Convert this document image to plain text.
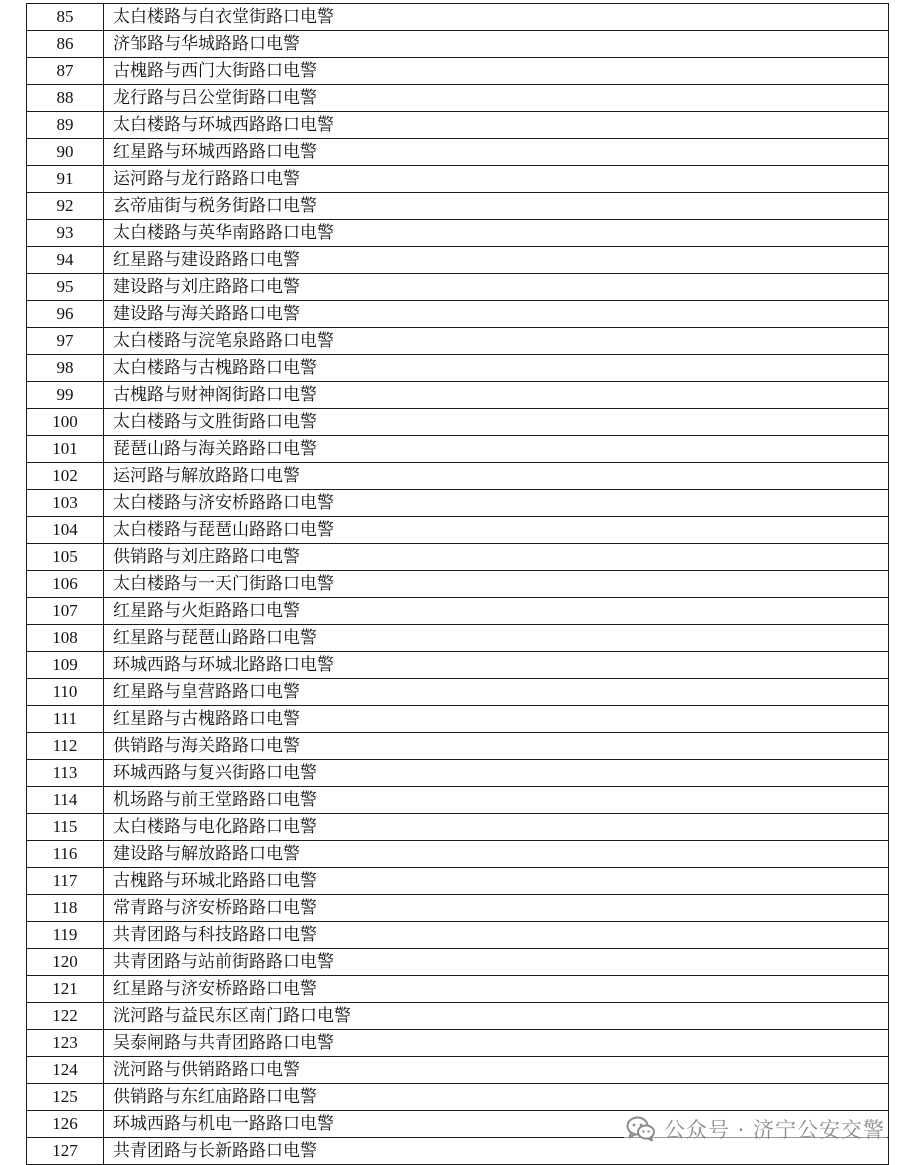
85	太白楼路与白衣堂街路口电警
86	济邹路与华城路路口电警
87	古槐路与西门大街路口电警
88	龙行路与吕公堂街路口电警
89	太白楼路与环城西路路口电警
90	红星路与环城西路路口电警
91	运河路与龙行路路口电警
92	玄帝庙街与税务街路口电警
93	太白楼路与英华南路路口电警
94	红星路与建设路路口电警
95	建设路与刘庄路路口电警
96	建设路与海关路路口电警
97	太白楼路与浣笔泉路路口电警
98	太白楼路与古槐路路口电警
99	古槐路与财神阁街路口电警
100	太白楼路与文胜街路口电警
101	琵琶山路与海关路路口电警
102	运河路与解放路路口电警
103	太白楼路与济安桥路路口电警
104	太白楼路与琵琶山路路口电警
105	供销路与刘庄路路口电警
106	太白楼路与一天门街路口电警
107	红星路与火炬路路口电警
108	红星路与琵琶山路路口电警
109	环城西路与环城北路路口电警
110	红星路与皇营路路口电警
111	红星路与古槐路路口电警
112	供销路与海关路路口电警
113	环城西路与复兴街路口电警
114	机场路与前王堂路路口电警
115	太白楼路与电化路路口电警
116	建设路与解放路路口电警
117	古槐路与环城北路路口电警
118	常青路与济安桥路路口电警
119	共青团路与科技路路口电警
120	共青团路与站前街路路口电警
121	红星路与济安桥路路口电警
122	洸河路与益民东区南门路口电警
123	吴泰闸路与共青团路路口电警
124	洸河路与供销路路口电警
125	供销路与东红庙路路口电警
126	环城西路与机电一路路口电警
127	共青团路与长新路路口电警
公众号 · 济宁公安交警
